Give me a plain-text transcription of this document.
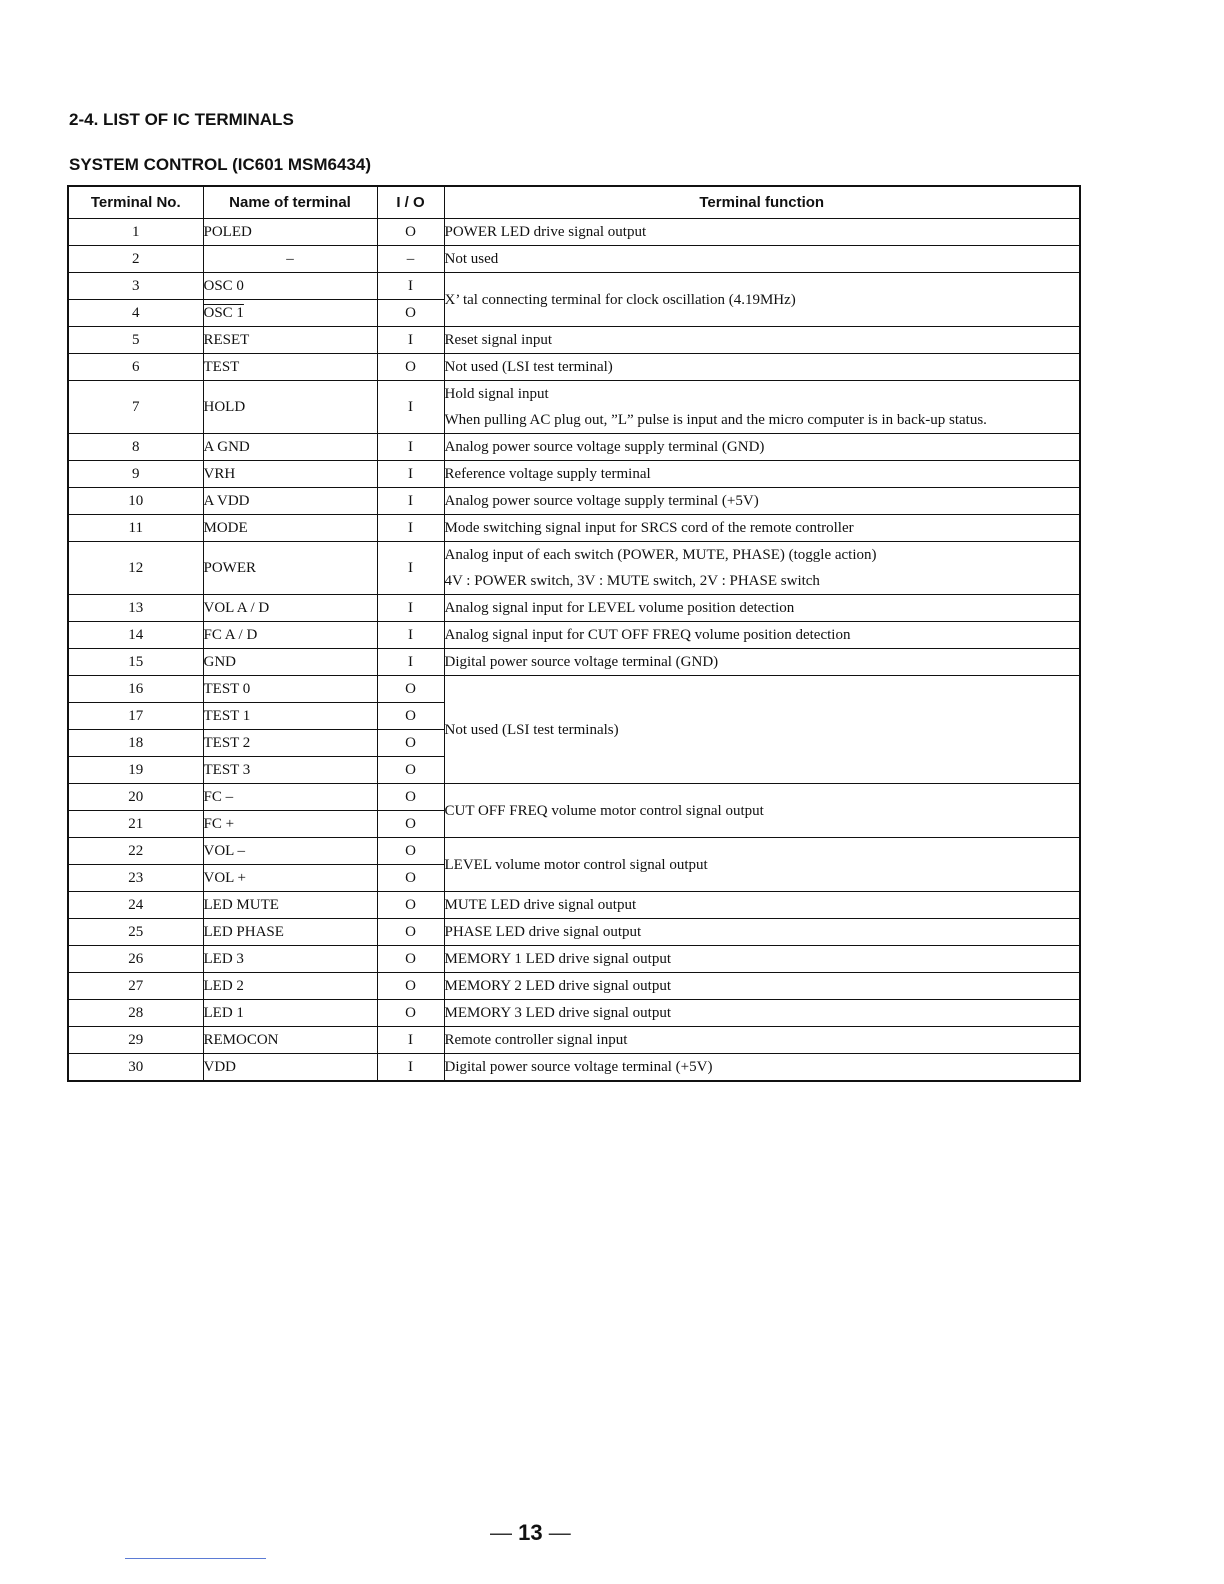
2-4. LIST OF IC TERMINALS
SYSTEM CONTROL (IC601 MSM6434)
Terminal No.	Name of terminal	I / O	Terminal function
1	POLED	O	POWER LED drive signal output
2	–	–	Not used
3	OSC 0	I	X’ tal connecting terminal for clock oscillation (4.19MHz)
4	OSC 1	O	
5	RESET	I	Reset signal input
6	TEST	O	Not used (LSI test terminal)
7	HOLD	I	Hold signal input
When pulling AC plug out, ”L” pulse is input and the micro computer is in back-up status.

8	A GND	I	Analog power source voltage supply terminal (GND)
9	VRH	I	Reference voltage supply terminal
10	A VDD	I	Analog power source voltage supply terminal (+5V)
11	MODE	I	Mode switching signal input for SRCS cord of the remote controller
12	POWER	I	Analog input of each switch (POWER, MUTE, PHASE) (toggle action)
4V : POWER switch, 3V : MUTE switch, 2V : PHASE switch

13	VOL A / D	I	Analog signal input for LEVEL volume position detection
14	FC A / D	I	Analog signal input for CUT OFF FREQ volume position detection
15	GND	I	Digital power source voltage terminal (GND)
16	TEST 0	O	Not used (LSI test terminals)
17	TEST 1	O	
18	TEST 2	O	
19	TEST 3	O	
20	FC –	O	CUT OFF FREQ volume motor control signal output
21	FC +	O	
22	VOL –	O	LEVEL volume motor control signal output
23	VOL +	O	
24	LED MUTE	O	MUTE LED drive signal output
25	LED PHASE	O	PHASE LED drive signal output
26	LED 3	O	MEMORY 1 LED drive signal output
27	LED 2	O	MEMORY 2 LED drive signal output
28	LED 1	O	MEMORY 3 LED drive signal output
29	REMOCON	I	Remote controller signal input
30	VDD	I	Digital power source voltage terminal (+5V)
— 13 —
